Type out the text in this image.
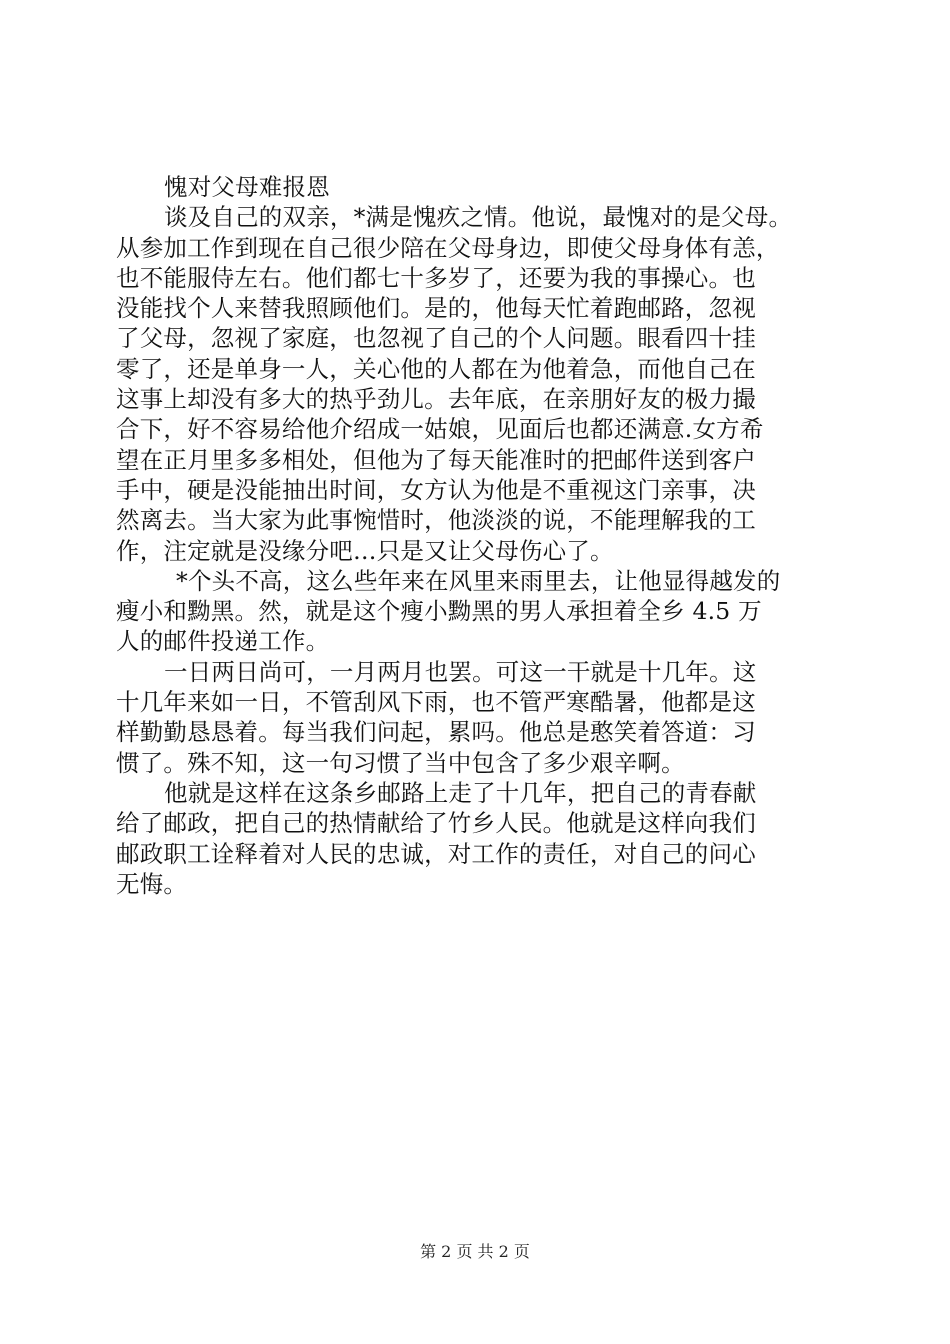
愧对父母难报恩
谈及自己的双亲，*满是愧疚之情。他说，最愧对的是父母。
从参加工作到现在自己很少陪在父母身边，即使父母身体有恙，
也不能服侍左右。他们都七十多岁了，还要为我的事操心。也
没能找个人来替我照顾他们。是的，他每天忙着跑邮路，忽视
了父母，忽视了家庭，也忽视了自己的个人问题。眼看四十挂
零了，还是单身一人，关心他的人都在为他着急，而他自己在
这事上却没有多大的热乎劲儿。去年底，在亲朋好友的极力撮
合下，好不容易给他介绍成一姑娘，见面后也都还满意.女方希
望在正月里多多相处，但他为了每天能准时的把邮件送到客户
手中，硬是没能抽出时间，女方认为他是不重视这门亲事，决
然离去。当大家为此事惋惜时，他淡淡的说，不能理解我的工
作，注定就是没缘分吧…只是又让父母伤心了。
*个头不高，这么些年来在风里来雨里去，让他显得越发的
瘦小和黝黑。然，就是这个瘦小黝黑的男人承担着全乡 4.5 万
人的邮件投递工作。
一日两日尚可，一月两月也罢。可这一干就是十几年。这
十几年来如一日，不管刮风下雨，也不管严寒酷暑，他都是这
样勤勤恳恳着。每当我们问起，累吗。他总是憨笑着答道：习
惯了。殊不知，这一句习惯了当中包含了多少艰辛啊。
他就是这样在这条乡邮路上走了十几年，把自己的青春献
给了邮政，把自己的热情献给了竹乡人民。他就是这样向我们
邮政职工诠释着对人民的忠诚，对工作的责任，对自己的问心
无悔。
第 2 页 共 2 页
